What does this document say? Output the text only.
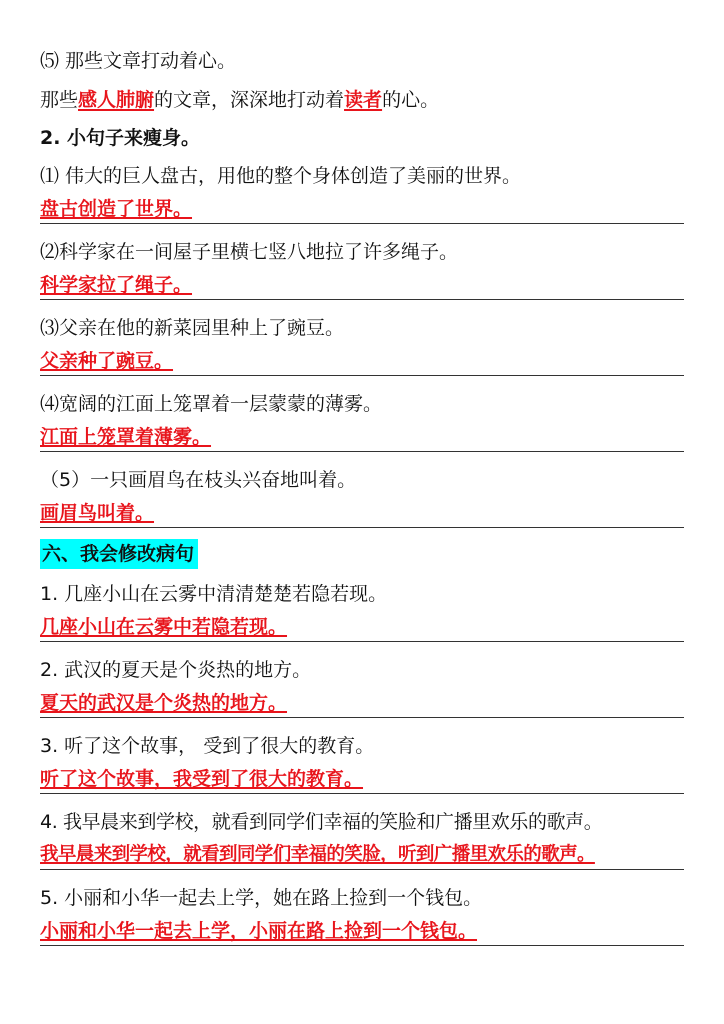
⑸ 那些文章打动着心。
那些感人肺腑的文章，深深地打动着读者的心。
2. 小句子来瘦身。
⑴ 伟大的巨人盘古，用他的整个身体创造了美丽的世界。
盘古创造了世界。
⑵科学家在一间屋子里横七竖八地拉了许多绳子。
科学家拉了绳子。
⑶父亲在他的新菜园里种上了豌豆。
父亲种了豌豆。
⑷宽阔的江面上笼罩着一层蒙蒙的薄雾。
江面上笼罩着薄雾。
（5）一只画眉鸟在枝头兴奋地叫着。
画眉鸟叫着。
六、我会修改病句
1. 几座小山在云雾中清清楚楚若隐若现。
几座小山在云雾中若隐若现。
2. 武汉的夏天是个炎热的地方。
夏天的武汉是个炎热的地方。
3. 听了这个故事， 受到了很大的教育。
听了这个故事，我受到了很大的教育。
4. 我早晨来到学校，就看到同学们幸福的笑脸和广播里欢乐的歌声。
我早晨来到学校，就看到同学们幸福的笑脸，听到广播里欢乐的歌声。
5. 小丽和小华一起去上学，她在路上捡到一个钱包。
小丽和小华一起去上学，小丽在路上捡到一个钱包。
